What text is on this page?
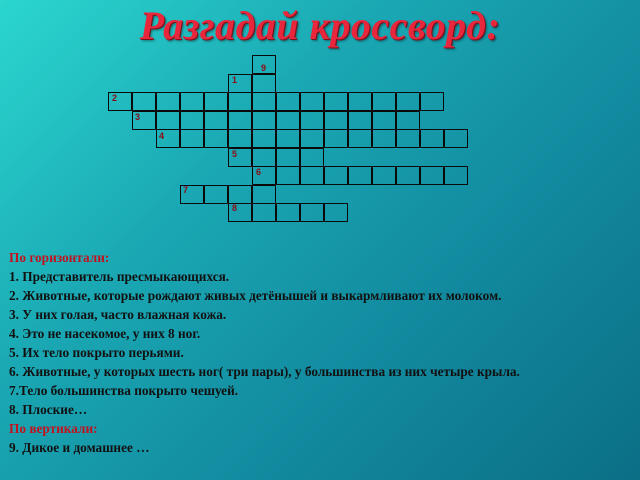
Разгадай кроссворд:
1
2
3
4
5
6
7
8
9
По горизонтали:
1. Представитель пресмыкающихся.
2. Животные, которые рождают живых детёнышей и выкармливают их молоком.
3. У них голая, часто влажная кожа.
4. Это не насекомое, у них 8 ног.
5. Их тело покрыто перьями.
6. Животные, у которых шесть ног( три пары), у большинства из них четыре крыла.
7.Тело большинства покрыто чешуей.
8. Плоские…
По вертикали:
9. Дикое и домашнее …
